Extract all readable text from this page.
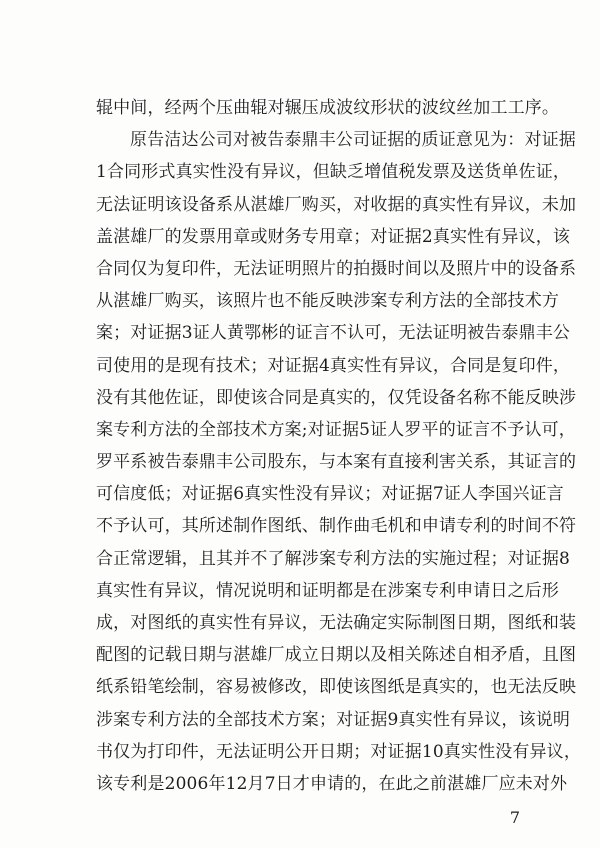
辊中间，经两个压曲辊对辗压成波纹形状的波纹丝加工工序。
原告洁达公司对被告泰鼎丰公司证据的质证意见为：对证据
1合同形式真实性没有异议，但缺乏增值税发票及送货单佐证，
无法证明该设备系从湛雄厂购买，对收据的真实性有异议，未加
盖湛雄厂的发票用章或财务专用章；对证据2真实性有异议，该
合同仅为复印件，无法证明照片的拍摄时间以及照片中的设备系
从湛雄厂购买，该照片也不能反映涉案专利方法的全部技术方
案；对证据3证人黄鄂彬的证言不认可，无法证明被告泰鼎丰公
司使用的是现有技术；对证据4真实性有异议，合同是复印件，
没有其他佐证，即使该合同是真实的，仅凭设备名称不能反映涉
案专利方法的全部技术方案;对证据5证人罗平的证言不予认可，
罗平系被告泰鼎丰公司股东，与本案有直接利害关系，其证言的
可信度低；对证据6真实性没有异议；对证据7证人李国兴证言
不予认可，其所述制作图纸、制作曲毛机和申请专利的时间不符
合正常逻辑，且其并不了解涉案专利方法的实施过程；对证据8
真实性有异议，情况说明和证明都是在涉案专利申请日之后形
成，对图纸的真实性有异议，无法确定实际制图日期，图纸和装
配图的记载日期与湛雄厂成立日期以及相关陈述自相矛盾，且图
纸系铅笔绘制，容易被修改，即使该图纸是真实的，也无法反映
涉案专利方法的全部技术方案；对证据9真实性有异议，该说明
书仅为打印件，无法证明公开日期；对证据10真实性没有异议，
该专利是2006年12月7日才申请的，在此之前湛雄厂应未对外
7
